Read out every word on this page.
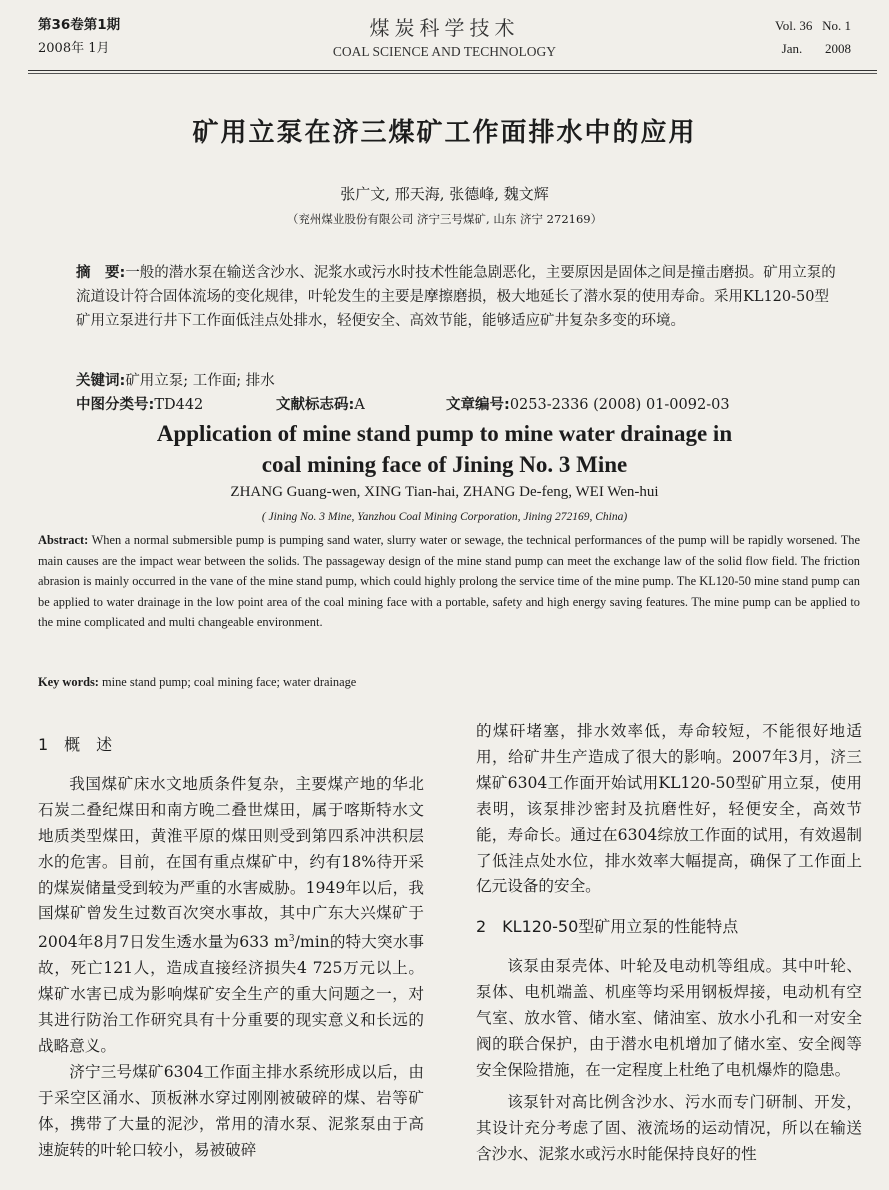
第36卷第1期
2008年 1月
煤炭科学技术
COAL SCIENCE AND TECHNOLOGY
Vol. 36 No. 1
Jan. 2008
矿用立泵在济三煤矿工作面排水中的应用
张广文, 邢天海, 张德峰, 魏文辉
（兖州煤业股份有限公司 济宁三号煤矿, 山东 济宁 272169）
摘　要:一般的潜水泵在输送含沙水、泥浆水或污水时技术性能急剧恶化，主要原因是固体之间是撞击磨损。矿用立泵的流道设计符合固体流场的变化规律，叶轮发生的主要是摩擦磨损，极大地延长了潜水泵的使用寿命。采用KL120-50型矿用立泵进行井下工作面低洼点处排水，轻便安全、高效节能，能够适应矿井复杂多变的环境。
关键词:矿用立泵; 工作面; 排水
中图分类号:TD442	文献标志码:A	文章编号:0253-2336 (2008) 01-0092-03
Application of mine stand pump to mine water drainage in
coal mining face of Jining No. 3 Mine
ZHANG Guang-wen, XING Tian-hai, ZHANG De-feng, WEI Wen-hui
( Jining No. 3 Mine, Yanzhou Coal Mining Corporation, Jining 272169, China)
Abstract: When a normal submersible pump is pumping sand water, slurry water or sewage, the technical performances of the pump will be rapidly worsened. The main causes are the impact wear between the solids. The passageway design of the mine stand pump can meet the exchange law of the solid flow field. The friction abrasion is mainly occurred in the vane of the mine stand pump, which could highly prolong the service time of the mine pump. The KL120-50 mine stand pump can be applied to water drainage in the low point area of the coal mining face with a portable, safety and high energy saving features. The mine pump can be applied to the mine complicated and multi changeable environment.
Key words: mine stand pump; coal mining face; water drainage
1　概　述

我国煤矿床水文地质条件复杂，主要煤产地的华北石炭二叠纪煤田和南方晚二叠世煤田，属于喀斯特水文地质类型煤田，黄淮平原的煤田则受到第四系冲洪积层水的危害。目前，在国有重点煤矿中，约有18%待开采的煤炭储量受到较为严重的水害威胁。1949年以后，我国煤矿曾发生过数百次突水事故，其中广东大兴煤矿于2004年8月7日发生透水量为633 $m^3/\min$的特大突水事故，死亡121人，造成直接经济损失4 725万元以上。煤矿水害已成为影响煤矿安全生产的重大问题之一，对其进行防治工作研究具有十分重要的现实意义和长远的战略意义。

济宁三号煤矿6304工作面主排水系统形成以后，由于采空区涌水、顶板淋水穿过刚刚被破碎的煤、岩等矿体，携带了大量的泥沙，常用的清水泵、泥浆泵由于高速旋转的叶轮口较小，易被破碎

的煤矸堵塞，排水效率低，寿命较短，不能很好地适用，给矿井生产造成了很大的影响。2007年3月，济三煤矿6304工作面开始试用KL120-50型矿用立泵，使用表明，该泵排沙密封及抗磨性好，轻便安全，高效节能，寿命长。通过在6304综放工作面的试用，有效遏制了低洼点处水位，排水效率大幅提高，确保了工作面上亿元设备的安全。

2　KL120-50型矿用立泵的性能特点

该泵由泵壳体、叶轮及电动机等组成。其中叶轮、泵体、电机端盖、机座等均采用钢板焊接，电动机有空气室、放水管、储水室、储油室、放水小孔和一对安全阀的联合保护，由于潜水电机增加了储水室、安全阀等安全保险措施，在一定程度上杜绝了电机爆炸的隐患。

该泵针对高比例含沙水、污水而专门研制、开发，其设计充分考虑了固、液流场的运动情况，所以在输送含沙水、泥浆水或污水时能保持良好的性
